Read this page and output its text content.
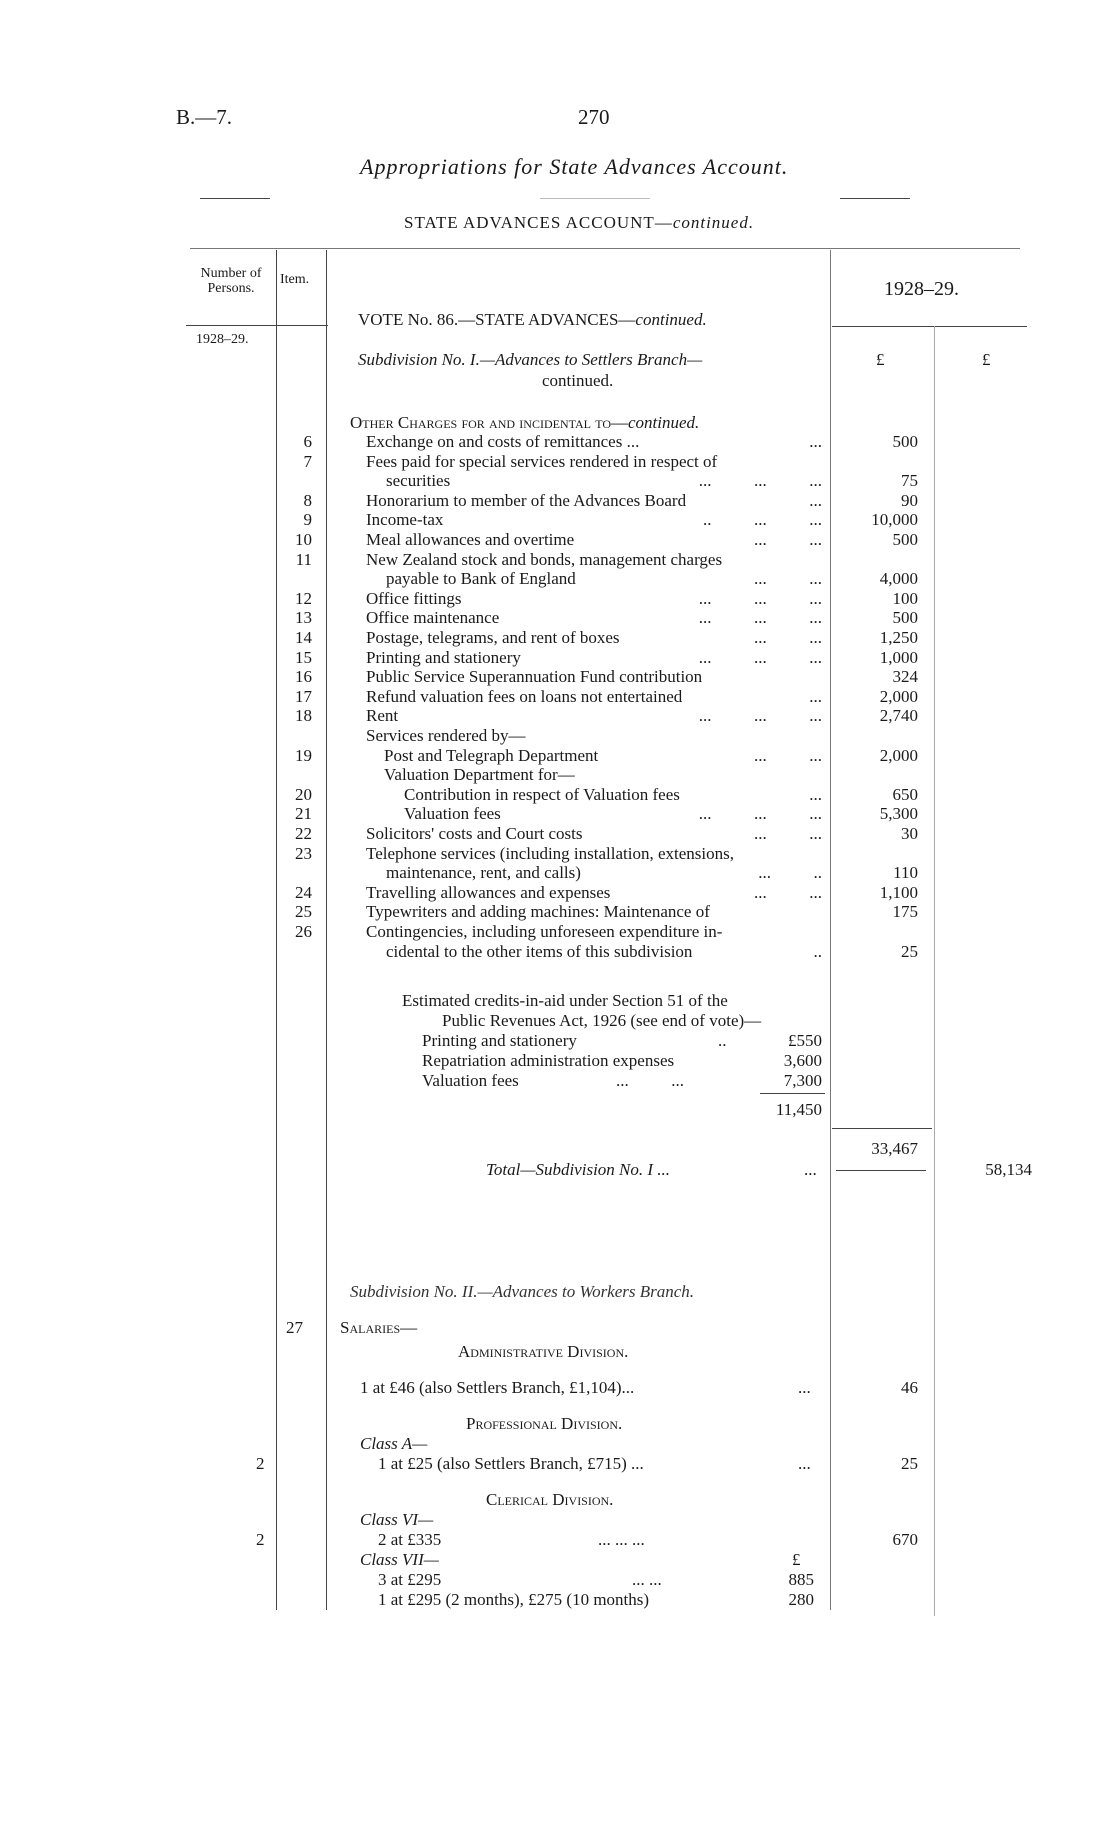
B.—7.	270
Appropriations for State Advances Account.
STATE ADVANCES ACCOUNT—continued.
Number of Persons.
Item.	1928–29.
1928–29.
£	£
VOTE No. 86.—STATE ADVANCES—continued.
Subdivision No. I.—Advances to Settlers Branch—
continued.
Other Charges for and incidental to—continued.
6	Exchange on and costs of remittances ...	...	500
7	Fees paid for special services rendered in respect of
securities	...          ...          ...	75
8	Honorarium to member of the Advances Board	...	90
9	Income-tax	..          ...          ...	10,000
10	Meal allowances and overtime	...          ...	500
11	New Zealand stock and bonds, management charges
payable to Bank of England	...          ...	4,000
12	Office fittings	...          ...          ...	100
13	Office maintenance	...          ...          ...	500
14	Postage, telegrams, and rent of boxes	...          ...	1,250
15	Printing and stationery	...          ...          ...	1,000
16	Public Service Superannuation Fund contribution	324
17	Refund valuation fees on loans not entertained	...	2,000
18	Rent	...          ...          ...	2,740
Services rendered by—
19	Post and Telegraph Department	...          ...	2,000
Valuation Department for—
20	Contribution in respect of Valuation fees	...	650
21	Valuation fees	...          ...          ...	5,300
22	Solicitors' costs and Court costs	...          ...	30
23	Telephone services (including installation, extensions,
maintenance, rent, and calls)	...          ..	110
24	Travelling allowances and expenses	...          ...	1,100
25	Typewriters and adding machines: Maintenance of	175
26	Contingencies, including unforeseen expenditure in-
cidental to the other items of this subdivision	..	25
Estimated credits-in-aid under Section 51 of the
Public Revenues Act, 1926 (see end of vote)—
Printing and stationery	..	£550
Repatriation administration expenses	3,600
Valuation fees	...          ...	7,300
11,450
33,467
Total—Subdivision No. I ...	...	58,134
Subdivision No. II.—Advances to Workers Branch.
27 Salaries—
Administrative Division.
1 at £46 (also Settlers Branch, £1,104)...	...	46
Professional Division.
Class A—
2	1 at £25 (also Settlers Branch, £715) ...	...	25
Clerical Division.
Class VI—
2	2 at £335	... ... ...	670
Class VII—	£
3 at £295	... ...	885
1 at £295 (2 months), £275 (10 months)	280
